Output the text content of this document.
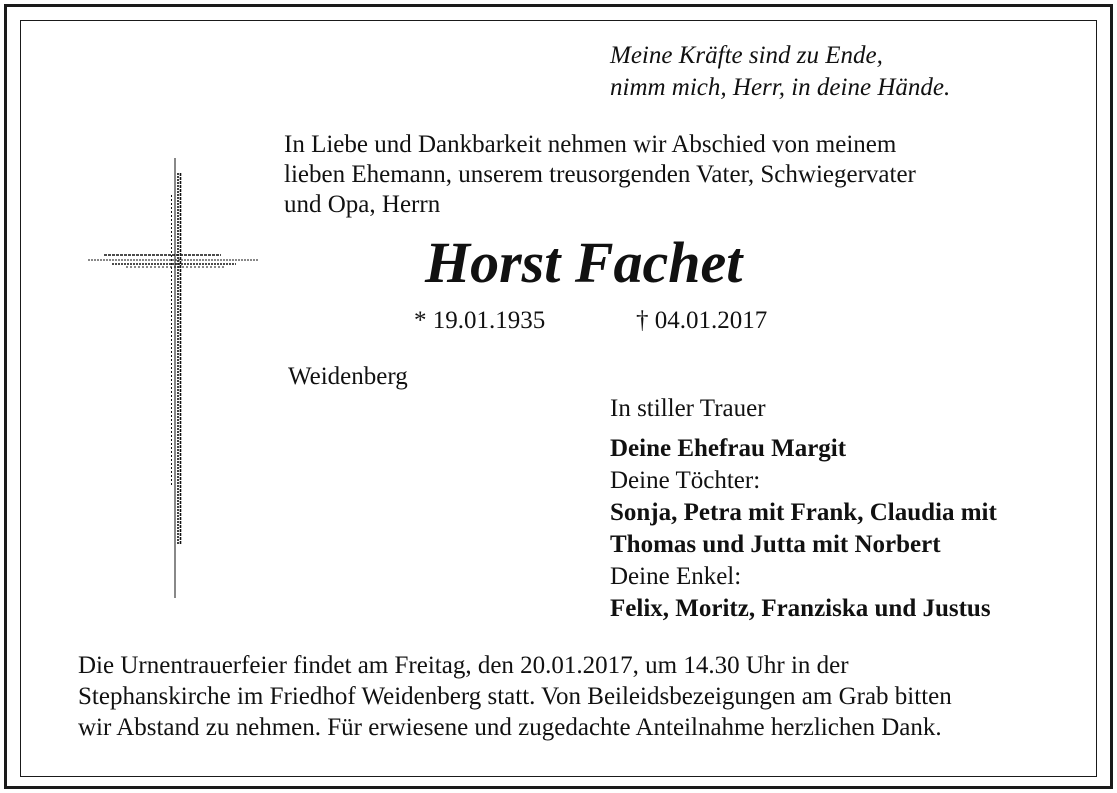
Meine Kräfte sind zu Ende,
nimm mich, Herr, in deine Hände.

In Liebe und Dankbarkeit nehmen wir Abschied von meinem
lieben Ehemann, unserem treusorgenden Vater, Schwiegervater
und Opa, Herrn

Horst Fachet
* 19.01.1935	† 04.01.2017
Weidenberg

In stiller Trauer
Deine Ehefrau Margit
Deine Töchter:
Sonja, Petra mit Frank, Claudia mit
Thomas und Jutta mit Norbert
Deine Enkel:
Felix, Moritz, Franziska und Justus

Die Urnentrauerfeier findet am Freitag, den 20.01.2017, um 14.30 Uhr in der
Stephanskirche im Friedhof Weidenberg statt. Von Beileidsbezeigungen am Grab bitten
wir Abstand zu nehmen. Für erwiesene und zugedachte Anteilnahme herzlichen Dank.
